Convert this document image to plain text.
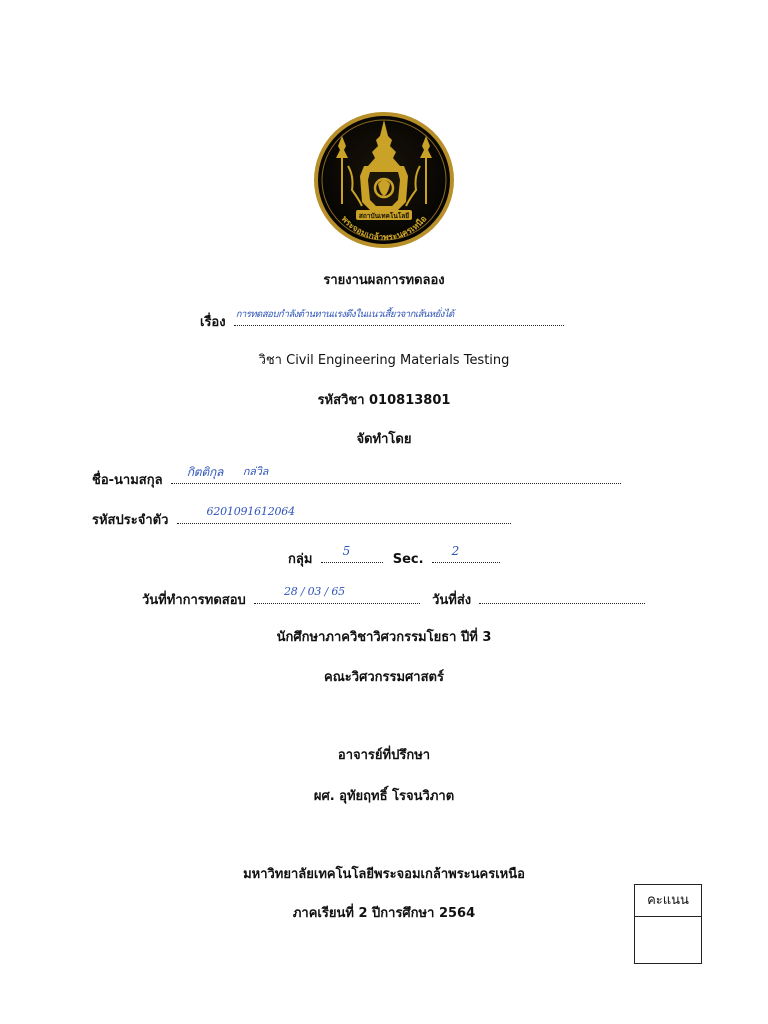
สถาบันเทคโนโลยี
พระจอมเกล้าพระนครเหนือ
รายงานผลการทดลอง
เรื่อง
การทดสอบกำลังต้านทานแรงดึงในแนวเสี้ยวจากเส้นหยั่งได้
วิชา Civil Engineering Materials Testing
รหัสวิชา 010813801
จัดทำโดย
ชื่อ-นามสกุล
กิตติกุล กล่วิล
รหัสประจำตัว
6201091612064
กลุ่ม
5
Sec.
2
วันที่ทำการทดสอบ
28 / 03 / 65
วันที่ส่ง
นักศึกษาภาควิชาวิศวกรรมโยธา ปีที่ 3
คณะวิศวกรรมศาสตร์
อาจารย์ที่ปรึกษา
ผศ. อุทัยฤทธิ์ โรจนวิภาต
มหาวิทยาลัยเทคโนโลยีพระจอมเกล้าพระนครเหนือ
ภาคเรียนที่ 2 ปีการศึกษา 2564
คะแนน
